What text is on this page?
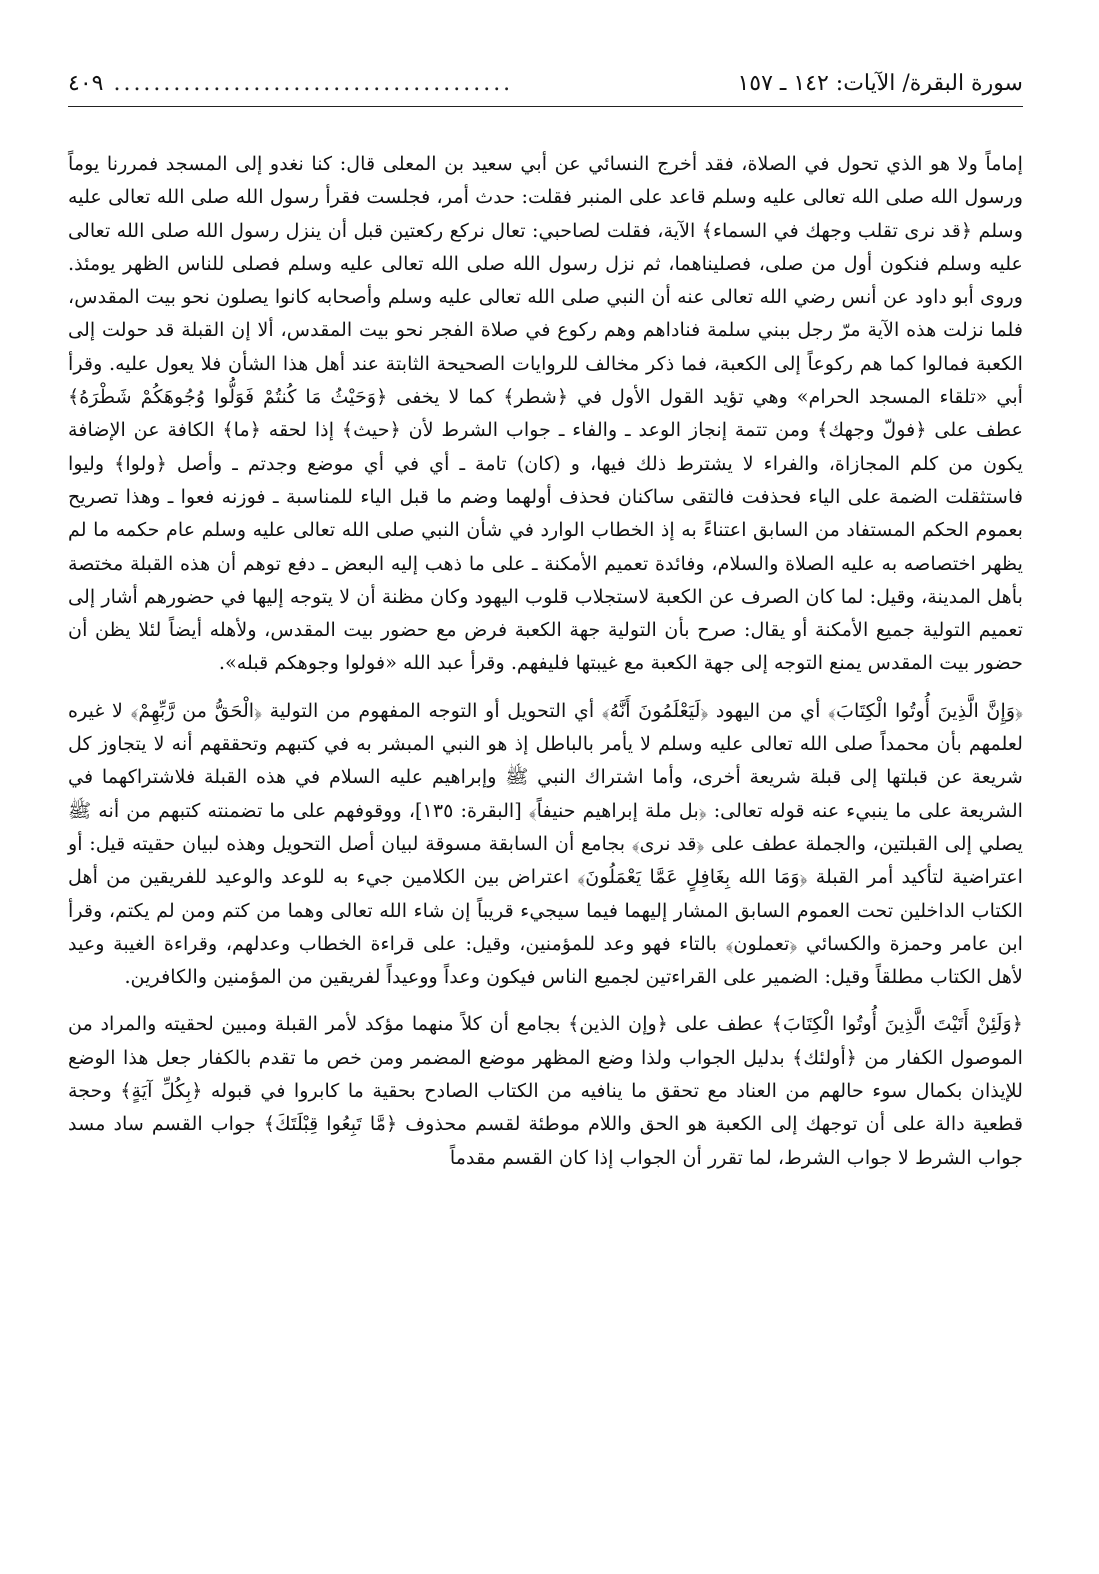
سورة البقرة/ الآيات: ١٤٢ ـ ١٥٧
........................................
٤٠٩

إماماً ولا هو الذي تحول في الصلاة، فقد أخرج النسائي عن أبي سعيد بن المعلى قال: كنا نغدو إلى المسجد فمررنا يوماً ورسول الله صلى الله تعالى عليه وسلم قاعد على المنبر فقلت: حدث أمر، فجلست فقرأ رسول الله صلى الله تعالى عليه وسلم ﴿قد نرى تقلب وجهك في السماء﴾ الآية، فقلت لصاحبي: تعال نركع ركعتين قبل أن ينزل رسول الله صلى الله تعالى عليه وسلم فنكون أول من صلى، فصليناهما، ثم نزل رسول الله صلى الله تعالى عليه وسلم فصلى للناس الظهر يومئذ. وروى أبو داود عن أنس رضي الله تعالى عنه أن النبي صلى الله تعالى عليه وسلم وأصحابه كانوا يصلون نحو بيت المقدس، فلما نزلت هذه الآية مرّ رجل ببني سلمة فناداهم وهم ركوع في صلاة الفجر نحو بيت المقدس، ألا إن القبلة قد حولت إلى الكعبة فمالوا كما هم ركوعاً إلى الكعبة، فما ذكر مخالف للروايات الصحيحة الثابتة عند أهل هذا الشأن فلا يعول عليه. وقرأ أبي «تلقاء المسجد الحرام» وهي تؤيد القول الأول في ﴿شطر﴾ كما لا يخفى ﴿وَحَيْثُ مَا كُنتُمْ فَوَلُّوا وُجُوهَكُمْ شَطْرَهُ﴾ عطف على ﴿فولّ وجهك﴾ ومن تتمة إنجاز الوعد ـ والفاء ـ جواب الشرط لأن ﴿حيث﴾ إذا لحقه ﴿ما﴾ الكافة عن الإضافة يكون من كلم المجازاة، والفراء لا يشترط ذلك فيها، و (كان) تامة ـ أي في أي موضع وجدتم ـ وأصل ﴿ولوا﴾ وليوا فاستثقلت الضمة على الياء فحذفت فالتقى ساكنان فحذف أولهما وضم ما قبل الياء للمناسبة ـ فوزنه فعوا ـ وهذا تصريح بعموم الحكم المستفاد من السابق اعتناءً به إذ الخطاب الوارد في شأن النبي صلى الله تعالى عليه وسلم عام حكمه ما لم يظهر اختصاصه به عليه الصلاة والسلام، وفائدة تعميم الأمكنة ـ على ما ذهب إليه البعض ـ دفع توهم أن هذه القبلة مختصة بأهل المدينة، وقيل: لما كان الصرف عن الكعبة لاستجلاب قلوب اليهود وكان مظنة أن لا يتوجه إليها في حضورهم أشار إلى تعميم التولية جميع الأمكنة أو يقال: صرح بأن التولية جهة الكعبة فرض مع حضور بيت المقدس، ولأهله أيضاً لئلا يظن أن حضور بيت المقدس يمنع التوجه إلى جهة الكعبة مع غيبتها فليفهم. وقرأ عبد الله «فولوا وجوهكم قبله».

﴿وَإِنَّ الَّذِينَ أُوتُوا الْكِتَابَ﴾ أي من اليهود ﴿لَيَعْلَمُونَ أَنَّهُ﴾ أي التحويل أو التوجه المفهوم من التولية ﴿الْحَقُّ من رَّبِّهِمْ﴾ لا غيره لعلمهم بأن محمداً صلى الله تعالى عليه وسلم لا يأمر بالباطل إذ هو النبي المبشر به في كتبهم وتحققهم أنه لا يتجاوز كل شريعة عن قبلتها إلى قبلة شريعة أخرى، وأما اشتراك النبي ﷺ وإبراهيم عليه السلام في هذه القبلة فلاشتراكهما في الشريعة على ما ينبيء عنه قوله تعالى: ﴿بل ملة إبراهيم حنيفاً﴾ [البقرة: ١٣٥]، ووقوفهم على ما تضمنته كتبهم من أنه ﷺ يصلي إلى القبلتين، والجملة عطف على ﴿قد نرى﴾ بجامع أن السابقة مسوقة لبيان أصل التحويل وهذه لبيان حقيته قيل: أو اعتراضية لتأكيد أمر القبلة ﴿وَمَا الله بِغَافِلٍ عَمَّا يَعْمَلُونَ﴾ اعتراض بين الكلامين جيء به للوعد والوعيد للفريقين من أهل الكتاب الداخلين تحت العموم السابق المشار إليهما فيما سيجيء قريباً إن شاء الله تعالى وهما من كتم ومن لم يكتم، وقرأ ابن عامر وحمزة والكسائي ﴿تعملون﴾ بالتاء فهو وعد للمؤمنين، وقيل: على قراءة الخطاب وعدلهم، وقراءة الغيبة وعيد لأهل الكتاب مطلقاً وقيل: الضمير على القراءتين لجميع الناس فيكون وعداً ووعيداً لفريقين من المؤمنين والكافرين.

﴿وَلَئِنْ أَتَيْتَ الَّذِينَ أُوتُوا الْكِتَابَ﴾ عطف على ﴿وإن الذين﴾ بجامع أن كلاً منهما مؤكد لأمر القبلة ومبين لحقيته والمراد من الموصول الكفار من ﴿أولئك﴾ بدليل الجواب ولذا وضع المظهر موضع المضمر ومن خص ما تقدم بالكفار جعل هذا الوضع للإيذان بكمال سوء حالهم من العناد مع تحقق ما ينافيه من الكتاب الصادح بحقية ما كابروا في قبوله ﴿بِكُلِّ آيَةٍ﴾ وحجة قطعية دالة على أن توجهك إلى الكعبة هو الحق واللام موطئة لقسم محذوف ﴿مَّا تَبِعُوا قِبْلَتَكَ﴾ جواب القسم ساد مسد جواب الشرط لا جواب الشرط، لما تقرر أن الجواب إذا كان القسم مقدماً
